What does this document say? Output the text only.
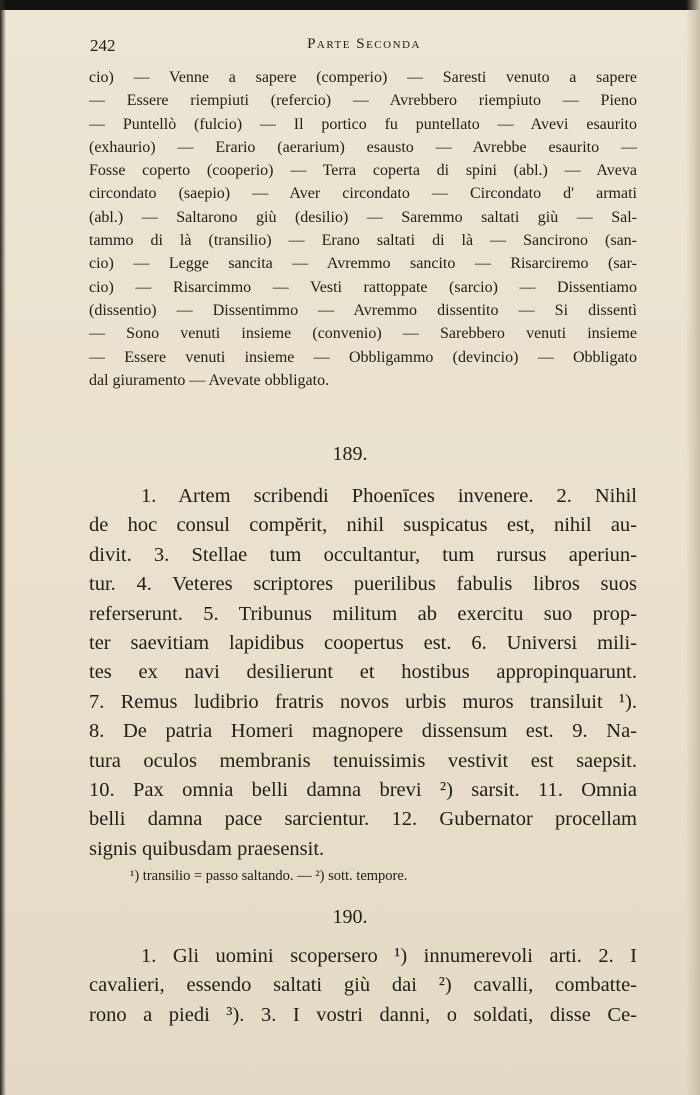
242	Parte Seconda
cio) — Venne a sapere (comperio) — Saresti venuto a sapere
— Essere riempiuti (refercio) — Avrebbero riempiuto — Pieno
— Puntellò (fulcio) — Il portico fu puntellato — Avevi esaurito
(exhaurio) — Erario (aerarium) esausto — Avrebbe esaurito —
Fosse coperto (cooperio) — Terra coperta di spini (abl.) — Aveva
circondato (saepio) — Aver circondato — Circondato d' armati
(abl.) — Saltarono giù (desilio) — Saremmo saltati giù — Sal-
tammo di là (transilio) — Erano saltati di là — Sancirono (san-
cio) — Legge sancita — Avremmo sancito — Risarciremo (sar-
cio) — Risarcimmo — Vesti rattoppate (sarcio) — Dissentiamo
(dissentio) — Dissentimmo — Avremmo dissentito — Si dissentì
— Sono venuti insieme (convenio) — Sarebbero venuti insieme
— Essere venuti insieme — Obbligammo (devincio) — Obbligato
dal giuramento — Avevate obbligato.
189.
1. Artem scribendi Phoenīces invenere. 2. Nihil
de hoc consul compĕrit, nihil suspicatus est, nihil au-
divit. 3. Stellae tum occultantur, tum rursus aperiun-
tur. 4. Veteres scriptores puerilibus fabulis libros suos
referserunt. 5. Tribunus militum ab exercitu suo prop-
ter saevitiam lapidibus coopertus est. 6. Universi mili-
tes ex navi desilierunt et hostibus appropinquarunt.
7. Remus ludibrio fratris novos urbis muros transiluit ¹).
8. De patria Homeri magnopere dissensum est. 9. Na-
tura oculos membranis tenuissimis vestivit est saepsit.
10. Pax omnia belli damna brevi ²) sarsit. 11. Omnia
belli damna pace sarcientur. 12. Gubernator procellam
signis quibusdam praesensit.
¹) transilio = passo saltando. — ²) sott. tempore.
190.
1. Gli uomini scopersero ¹) innumerevoli arti. 2. I
cavalieri, essendo saltati giù dai ²) cavalli, combatte-
rono a piedi ³). 3. I vostri danni, o soldati, disse Ce-
